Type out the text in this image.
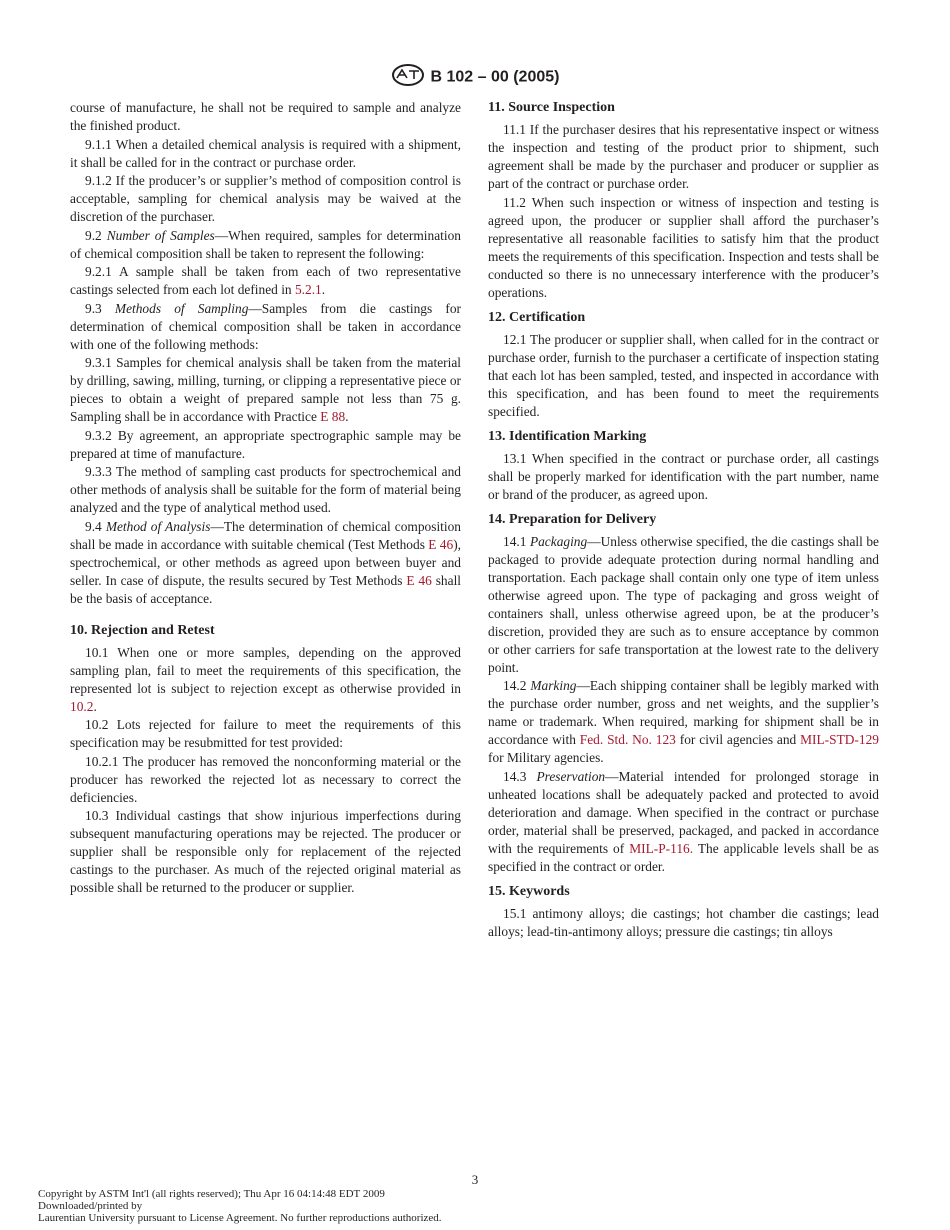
B 102 – 00 (2005)

course of manufacture, he shall not be required to sample and analyze the finished product.

9.1.1 When a detailed chemical analysis is required with a shipment, it shall be called for in the contract or purchase order.

9.1.2 If the producer’s or supplier’s method of composition control is acceptable, sampling for chemical analysis may be waived at the discretion of the purchaser.

9.2 Number of Samples—When required, samples for determination of chemical composition shall be taken to represent the following:

9.2.1 A sample shall be taken from each of two representative castings selected from each lot defined in 5.2.1.

9.3 Methods of Sampling—Samples from die castings for determination of chemical composition shall be taken in accordance with one of the following methods:

9.3.1 Samples for chemical analysis shall be taken from the material by drilling, sawing, milling, turning, or clipping a representative piece or pieces to obtain a weight of prepared sample not less than 75 g. Sampling shall be in accordance with Practice E 88.

9.3.2 By agreement, an appropriate spectrographic sample may be prepared at time of manufacture.

9.3.3 The method of sampling cast products for spectrochemical and other methods of analysis shall be suitable for the form of material being analyzed and the type of analytical method used.

9.4 Method of Analysis—The determination of chemical composition shall be made in accordance with suitable chemical (Test Methods E 46), spectrochemical, or other methods as agreed upon between buyer and seller. In case of dispute, the results secured by Test Methods E 46 shall be the basis of acceptance.

10. Rejection and Retest

10.1 When one or more samples, depending on the approved sampling plan, fail to meet the requirements of this specification, the represented lot is subject to rejection except as otherwise provided in 10.2.

10.2 Lots rejected for failure to meet the requirements of this specification may be resubmitted for test provided:

10.2.1 The producer has removed the nonconforming material or the producer has reworked the rejected lot as necessary to correct the deficiencies.

10.3 Individual castings that show injurious imperfections during subsequent manufacturing operations may be rejected. The producer or supplier shall be responsible only for replacement of the rejected castings to the purchaser. As much of the rejected original material as possible shall be returned to the producer or supplier.

11. Source Inspection

11.1 If the purchaser desires that his representative inspect or witness the inspection and testing of the product prior to shipment, such agreement shall be made by the purchaser and producer or supplier as part of the contract or purchase order.

11.2 When such inspection or witness of inspection and testing is agreed upon, the producer or supplier shall afford the purchaser’s representative all reasonable facilities to satisfy him that the product meets the requirements of this specification. Inspection and tests shall be conducted so there is no unnecessary interference with the producer’s operations.

12. Certification

12.1 The producer or supplier shall, when called for in the contract or purchase order, furnish to the purchaser a certificate of inspection stating that each lot has been sampled, tested, and inspected in accordance with this specification, and has been found to meet the requirements specified.

13. Identification Marking

13.1 When specified in the contract or purchase order, all castings shall be properly marked for identification with the part number, name or brand of the producer, as agreed upon.

14. Preparation for Delivery

14.1 Packaging—Unless otherwise specified, the die castings shall be packaged to provide adequate protection during normal handling and transportation. Each package shall contain only one type of item unless otherwise agreed upon. The type of packaging and gross weight of containers shall, unless otherwise agreed upon, be at the producer’s discretion, provided they are such as to ensure acceptance by common or other carriers for safe transportation at the lowest rate to the delivery point.

14.2 Marking—Each shipping container shall be legibly marked with the purchase order number, gross and net weights, and the supplier’s name or trademark. When required, marking for shipment shall be in accordance with Fed. Std. No. 123 for civil agencies and MIL-STD-129 for Military agencies.

14.3 Preservation—Material intended for prolonged storage in unheated locations shall be adequately packed and protected to avoid deterioration and damage. When specified in the contract or purchase order, material shall be preserved, packaged, and packed in accordance with the requirements of MIL-P-116. The applicable levels shall be as specified in the contract or order.

15. Keywords

15.1 antimony alloys; die castings; hot chamber die castings; lead alloys; lead-tin-antimony alloys; pressure die castings; tin alloys

3
Copyright by ASTM Int'l (all rights reserved); Thu Apr 16 04:14:48 EDT 2009
Downloaded/printed by
Laurentian University pursuant to License Agreement. No further reproductions authorized.
